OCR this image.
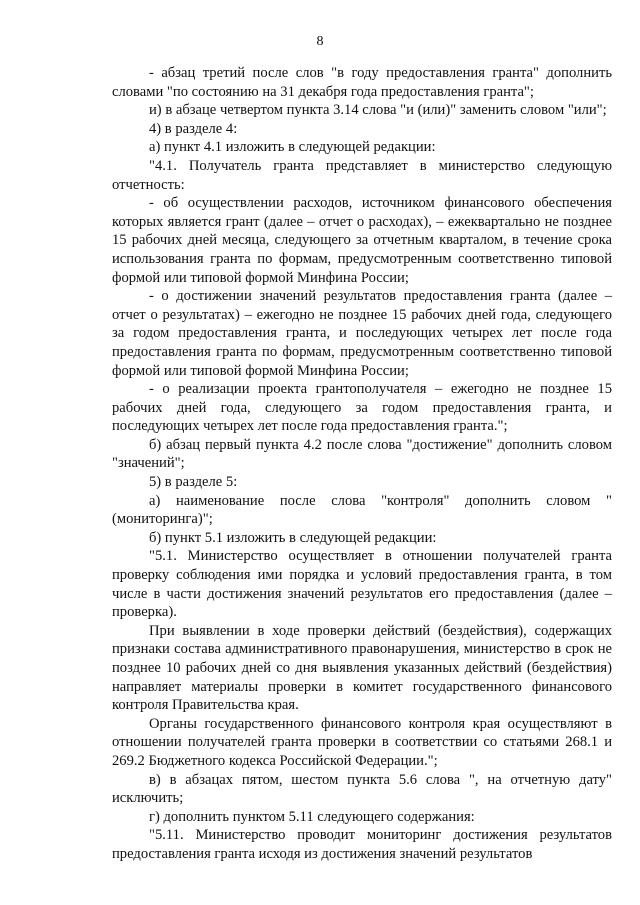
8

- абзац третий после слов "в году предоставления гранта" дополнить словами "по состоянию на 31 декабря года предоставления гранта";

и) в абзаце четвертом пункта 3.14 слова "и (или)" заменить словом "или";

4) в разделе 4:

а) пункт 4.1 изложить в следующей редакции:

"4.1. Получатель гранта представляет в министерство следующую отчетность:

- об осуществлении расходов, источником финансового обеспечения которых является грант (далее – отчет о расходах), – ежеквартально не позднее 15 рабочих дней месяца, следующего за отчетным кварталом, в течение срока использования гранта по формам, предусмотренным соответственно типовой формой или типовой формой Минфина России;

- о достижении значений результатов предоставления гранта (далее – отчет о результатах) – ежегодно не позднее 15 рабочих дней года, следующего за годом предоставления гранта, и последующих четырех лет после года предоставления гранта по формам, предусмотренным соответственно типовой формой или типовой формой Минфина России;

- о реализации проекта грантополучателя – ежегодно не позднее 15 рабочих дней года, следующего за годом предоставления гранта, и последующих четырех лет после года предоставления гранта.";

б) абзац первый пункта 4.2 после слова "достижение" дополнить словом "значений";

5) в разделе 5:

а) наименование после слова "контроля" дополнить словом "(мониторинга)";

б) пункт 5.1 изложить в следующей редакции:

"5.1. Министерство осуществляет в отношении получателей гранта проверку соблюдения ими порядка и условий предоставления гранта, в том числе в части достижения значений результатов его предоставления (далее – проверка).

При выявлении в ходе проверки действий (бездействия), содержащих признаки состава административного правонарушения, министерство в срок не позднее 10 рабочих дней со дня выявления указанных действий (бездействия) направляет материалы проверки в комитет государственного финансового контроля Правительства края.

Органы государственного финансового контроля края осуществляют в отношении получателей гранта проверки в соответствии со статьями 268.1 и 269.2 Бюджетного кодекса Российской Федерации.";

в) в абзацах пятом, шестом пункта 5.6 слова ", на отчетную дату" исключить;

г) дополнить пунктом 5.11 следующего содержания:

"5.11. Министерство проводит мониторинг достижения результатов предоставления гранта исходя из достижения значений результатов
